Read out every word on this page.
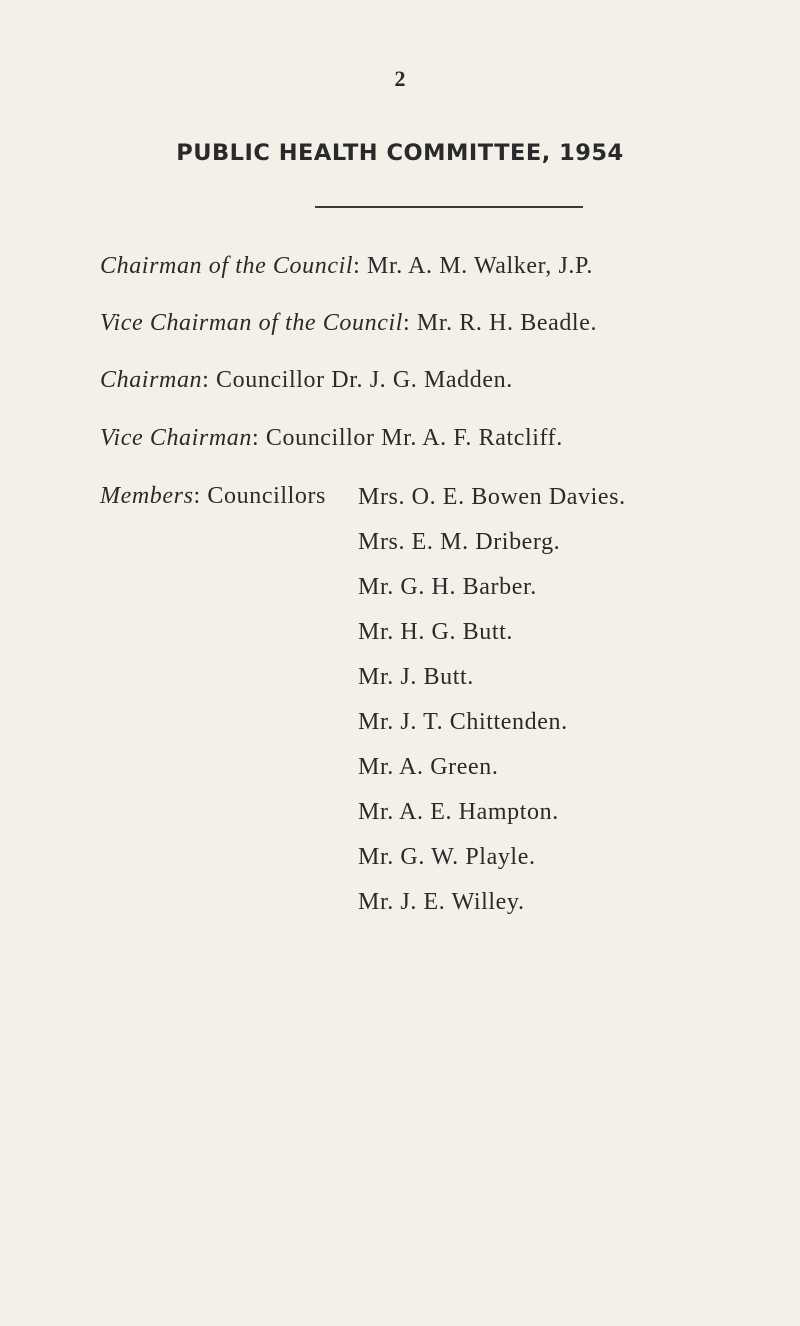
2
PUBLIC HEALTH COMMITTEE, 1954
Chairman of the Council: Mr. A. M. Walker, J.P.
Vice Chairman of the Council: Mr. R. H. Beadle.
Chairman: Councillor Dr. J. G. Madden.
Vice Chairman: Councillor Mr. A. F. Ratcliff.
Members: Councillors Mrs. O. E. Bowen Davies.
Mrs. E. M. Driberg.
Mr. G. H. Barber.
Mr. H. G. Butt.
Mr. J. Butt.
Mr. J. T. Chittenden.
Mr. A. Green.
Mr. A. E. Hampton.
Mr. G. W. Playle.
Mr. J. E. Willey.
